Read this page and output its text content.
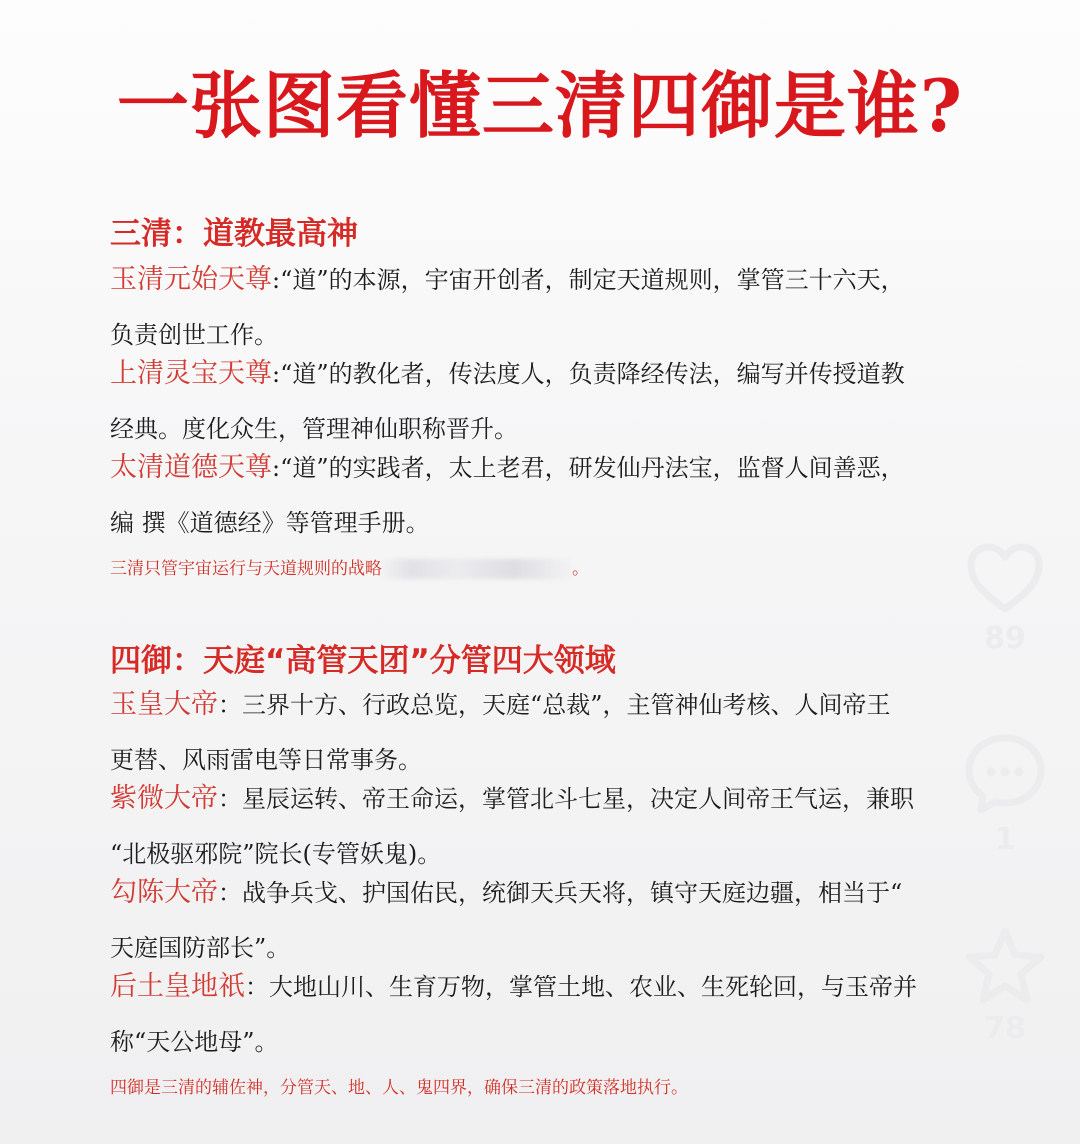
一张图看懂三清四御是谁?
三清：道教最高神
玉清元始天尊:“道”的本源，宇宙开创者，制定天道规则，掌管三十六天，
负责创世工作。
上清灵宝天尊:“道”的教化者，传法度人，负责降经传法，编写并传授道教
经典。度化众生，管理神仙职称晋升。
太清道德天尊:“道”的实践者，太上老君，研发仙丹法宝，监督人间善恶，
编 撰《道德经》等管理手册。
三清只管宇宙运行与天道规则的战略	。
四御：天庭“高管天团”分管四大领域
玉皇大帝：三界十方、行政总览，天庭“总裁”，主管神仙考核、人间帝王
更替、风雨雷电等日常事务。
紫微大帝：星辰运转、帝王命运，掌管北斗七星，决定人间帝王气运，兼职
“北极驱邪院”院长(专管妖鬼)。
勾陈大帝：战争兵戈、护国佑民，统御天兵天将，镇守天庭边疆，相当于“
天庭国防部长”。
后土皇地祇：大地山川、生育万物，掌管土地、农业、生死轮回，与玉帝并
称“天公地母”。
四御是三清的辅佐神，分管天、地、人、鬼四界，确保三清的政策落地执行。
89
1
78
